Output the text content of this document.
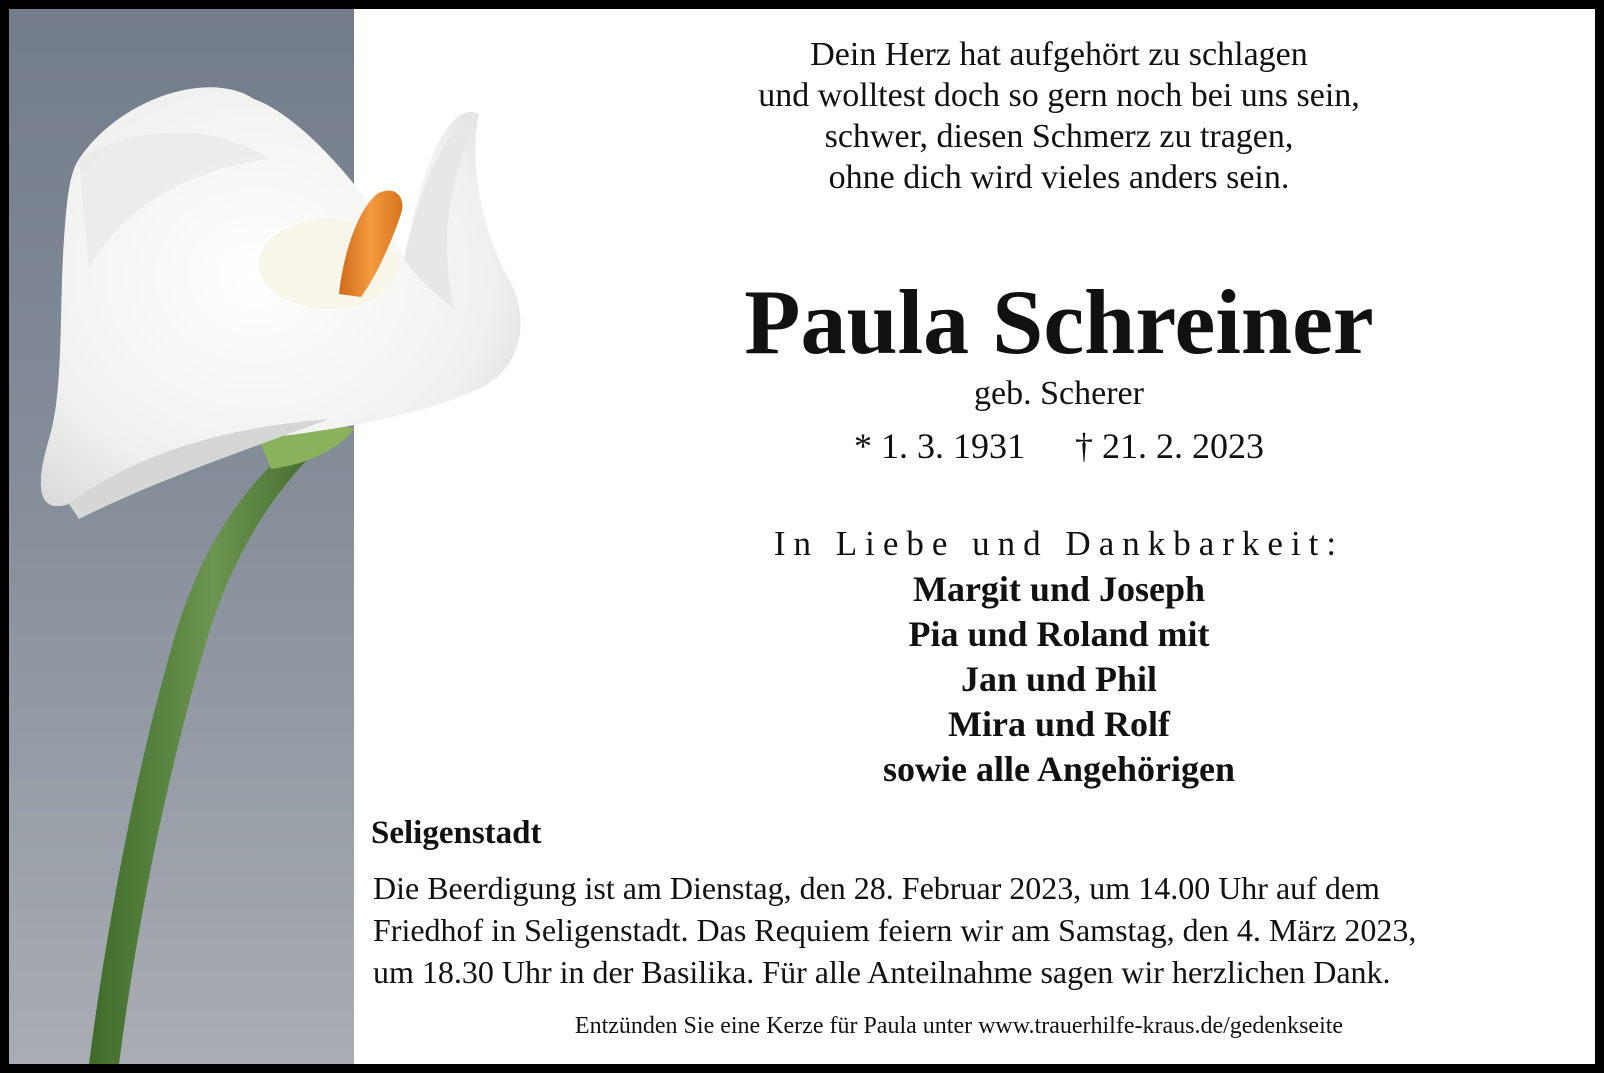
Dein Herz hat aufgehört zu schlagen
und wolltest doch so gern noch bei uns sein,
schwer, diesen Schmerz zu tragen,
ohne dich wird vieles anders sein.
Paula Schreiner
geb. Scherer
* 1. 3. 1931 † 21. 2. 2023
In Liebe und Dankbarkeit:
Margit und Joseph
Pia und Roland mit
Jan und Phil
Mira und Rolf
sowie alle Angehörigen
Seligenstadt
Die Beerdigung ist am Dienstag, den 28. Februar 2023, um 14.00 Uhr auf dem
Friedhof in Seligenstadt. Das Requiem feiern wir am Samstag, den 4. März 2023,
um 18.30 Uhr in der Basilika. Für alle Anteilnahme sagen wir herzlichen Dank.
Entzünden Sie eine Kerze für Paula unter www.trauerhilfe-kraus.de/gedenkseite
